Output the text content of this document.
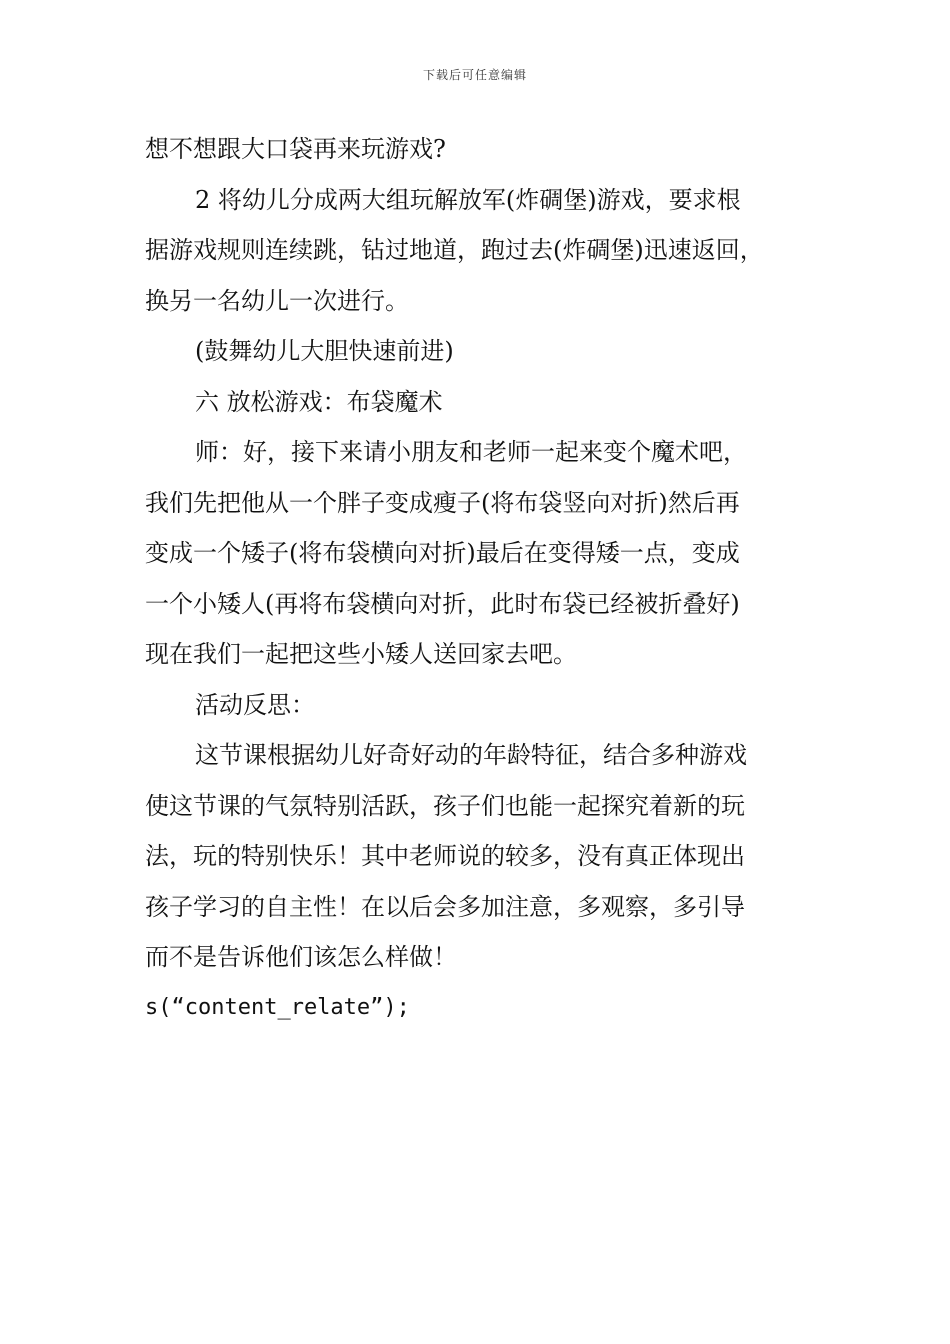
下载后可任意编辑
想不想跟大口袋再来玩游戏?
2 将幼儿分成两大组玩解放军(炸碉堡)游戏，要求根
据游戏规则连续跳，钻过地道，跑过去(炸碉堡)迅速返回，
换另一名幼儿一次进行。
(鼓舞幼儿大胆快速前进)
六 放松游戏：布袋魔术
师：好，接下来请小朋友和老师一起来变个魔术吧，
我们先把他从一个胖子变成瘦子(将布袋竖向对折)然后再
变成一个矮子(将布袋横向对折)最后在变得矮一点，变成
一个小矮人(再将布袋横向对折，此时布袋已经被折叠好)
现在我们一起把这些小矮人送回家去吧。
活动反思：
这节课根据幼儿好奇好动的年龄特征，结合多种游戏
使这节课的气氛特别活跃，孩子们也能一起探究着新的玩
法，玩的特别快乐！其中老师说的较多，没有真正体现出
孩子学习的自主性！在以后会多加注意，多观察，多引导
而不是告诉他们该怎么样做！
s(“content_relate”);
